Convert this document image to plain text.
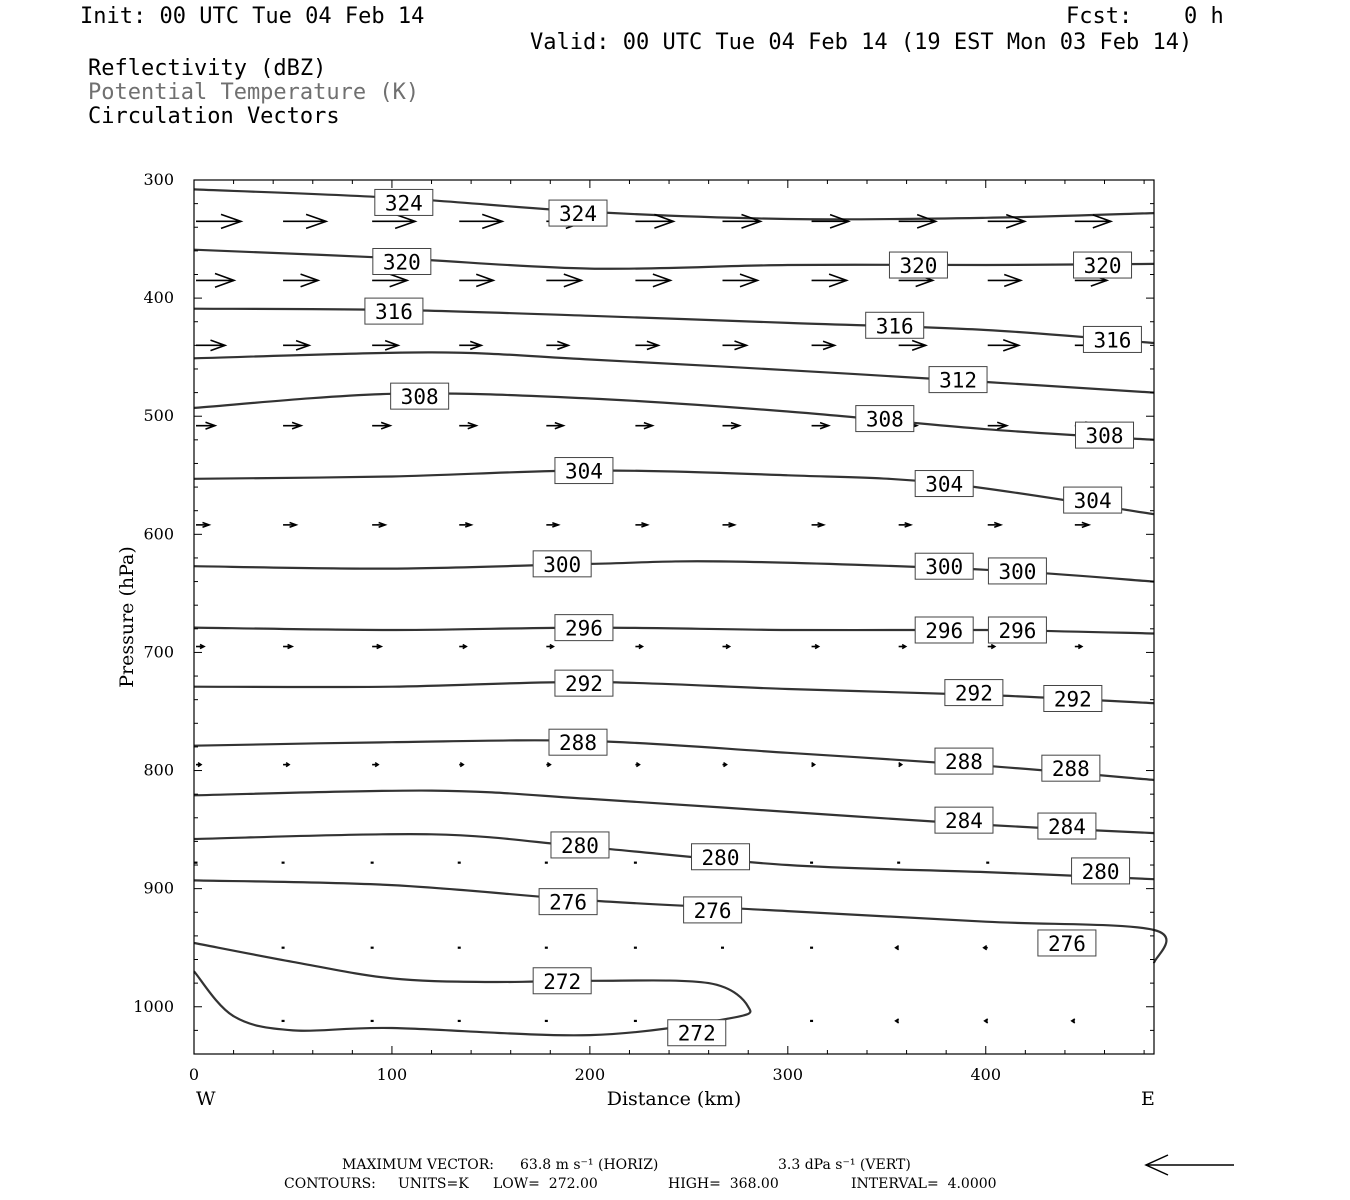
Init: 00 UTC Tue 04 Feb 14	Fcst: 0 h
Valid: 00 UTC Tue 04 Feb 14 (19 EST Mon 03 Feb 14)
Reflectivity (dBZ)
Potential Temperature (K)
Circulation Vectors
324	324
320	320	320
316
316
316
312
308
308
308
304
304
304
300	300 300
296	296 296
292	292	292
288
288	288
284	284
280	280
280
276	276
276
272
272
300
400
500
600
700
800
900
1000
0	100	200	300	400
Distance (km)
Pressure (hPa)
W	E
MAXIMUM VECTOR: 63.8 m s⁻¹ (HORIZ)	3.3 dPa s⁻¹ (VERT)
CONTOURS: UNITS=K LOW=  272.00	HIGH=  368.00	INTERVAL=  4.0000
